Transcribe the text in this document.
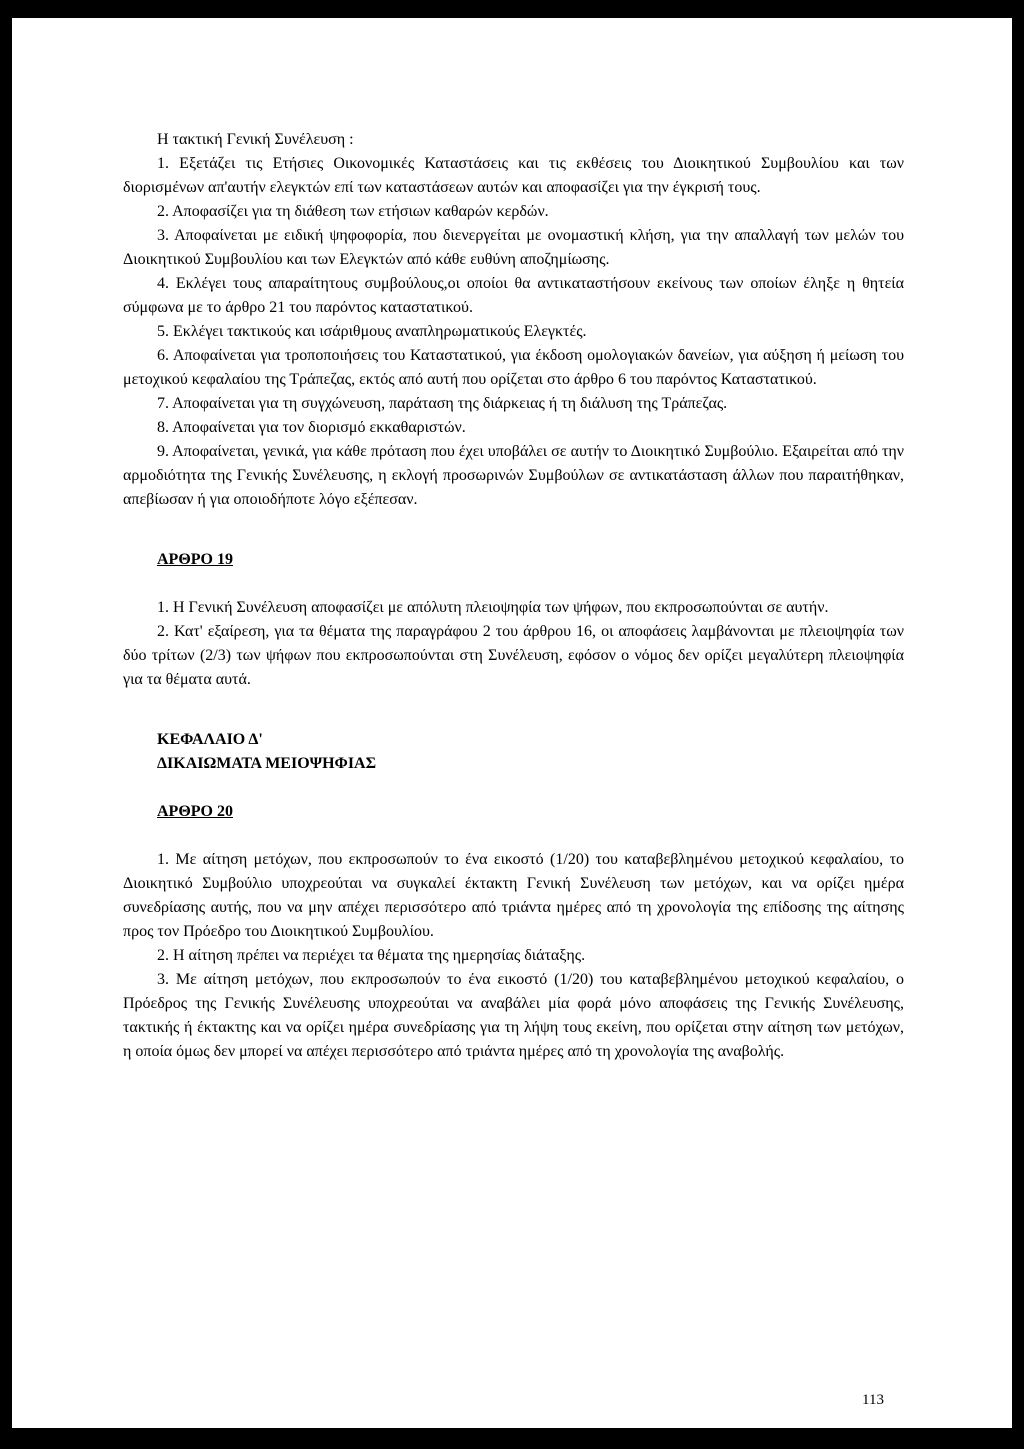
Η τακτική Γενική Συνέλευση :

1. Εξετάζει τις Ετήσιες Οικονομικές Καταστάσεις και τις εκθέσεις του Διοικητικού Συμβουλίου και των διορισμένων απ'αυτήν ελεγκτών επί των καταστάσεων αυτών και αποφασίζει για την έγκρισή τους.

2. Αποφασίζει για τη διάθεση των ετήσιων καθαρών κερδών.

3. Αποφαίνεται με ειδική ψηφοφορία, που διενεργείται με ονομαστική κλήση, για την απαλλαγή των μελών του Διοικητικού Συμβουλίου και των Ελεγκτών από κάθε ευθύνη αποζημίωσης.

4. Εκλέγει τους απαραίτητους συμβούλους,οι οποίοι θα αντικαταστήσουν εκείνους των οποίων έληξε η θητεία σύμφωνα με το άρθρο 21 του παρόντος καταστατικού.

5. Εκλέγει τακτικούς και ισάριθμους αναπληρωματικούς Ελεγκτές.

6. Αποφαίνεται για τροποποιήσεις του Καταστατικού, για έκδοση ομολογιακών δανείων, για αύξηση ή μείωση του μετοχικού κεφαλαίου της Τράπεζας, εκτός από αυτή που ορίζεται στο άρθρο 6 του παρόντος Καταστατικού.

7. Αποφαίνεται για τη συγχώνευση, παράταση της διάρκειας ή τη διάλυση της Τράπεζας.

8. Αποφαίνεται για τον διορισμό εκκαθαριστών.

9. Αποφαίνεται, γενικά, για κάθε πρόταση που έχει υποβάλει σε αυτήν το Διοικητικό Συμβούλιο. Εξαιρείται από την αρμοδιότητα της Γενικής Συνέλευσης, η εκλογή προσωρινών Συμβούλων σε αντικατάσταση άλλων που παραιτήθηκαν, απεβίωσαν ή για οποιοδήποτε λόγο εξέπεσαν.

ΑΡΘΡΟ 19

1. Η Γενική Συνέλευση αποφασίζει με απόλυτη πλειοψηφία των ψήφων, που εκπροσωπούνται σε αυτήν.

2. Κατ' εξαίρεση, για τα θέματα της παραγράφου 2 του άρθρου 16, οι αποφάσεις λαμβάνονται με πλειοψηφία των δύο τρίτων (2/3) των ψήφων που εκπροσωπούνται στη Συνέλευση, εφόσον ο νόμος δεν ορίζει μεγαλύτερη πλειοψηφία για τα θέματα αυτά.

ΚΕΦΑΛΑΙΟ Δ'

ΔΙΚΑΙΩΜΑΤΑ ΜΕΙΟΨΗΦΙΑΣ

ΑΡΘΡΟ 20

1. Με αίτηση μετόχων, που εκπροσωπούν το ένα εικοστό (1/20) του καταβεβλημένου μετοχικού κεφαλαίου, το Διοικητικό Συμβούλιο υποχρεούται να συγκαλεί έκτακτη Γενική Συνέλευση των μετόχων, και να ορίζει ημέρα συνεδρίασης αυτής, που να μην απέχει περισσότερο από τριάντα ημέρες από τη χρονολογία της επίδοσης της αίτησης προς τον Πρόεδρο του Διοικητικού Συμβουλίου.

2. Η αίτηση πρέπει να περιέχει τα θέματα της ημερησίας διάταξης.

3. Με αίτηση μετόχων, που εκπροσωπούν το ένα εικοστό (1/20) του καταβεβλημένου μετοχικού κεφαλαίου, ο Πρόεδρος της Γενικής Συνέλευσης υποχρεούται να αναβάλει μία φορά μόνο αποφάσεις της Γενικής Συνέλευσης, τακτικής ή έκτακτης και να ορίζει ημέρα συνεδρίασης για τη λήψη τους εκείνη, που ορίζεται στην αίτηση των μετόχων, η οποία όμως δεν μπορεί να απέχει περισσότερο από τριάντα ημέρες από τη χρονολογία της αναβολής.

113
